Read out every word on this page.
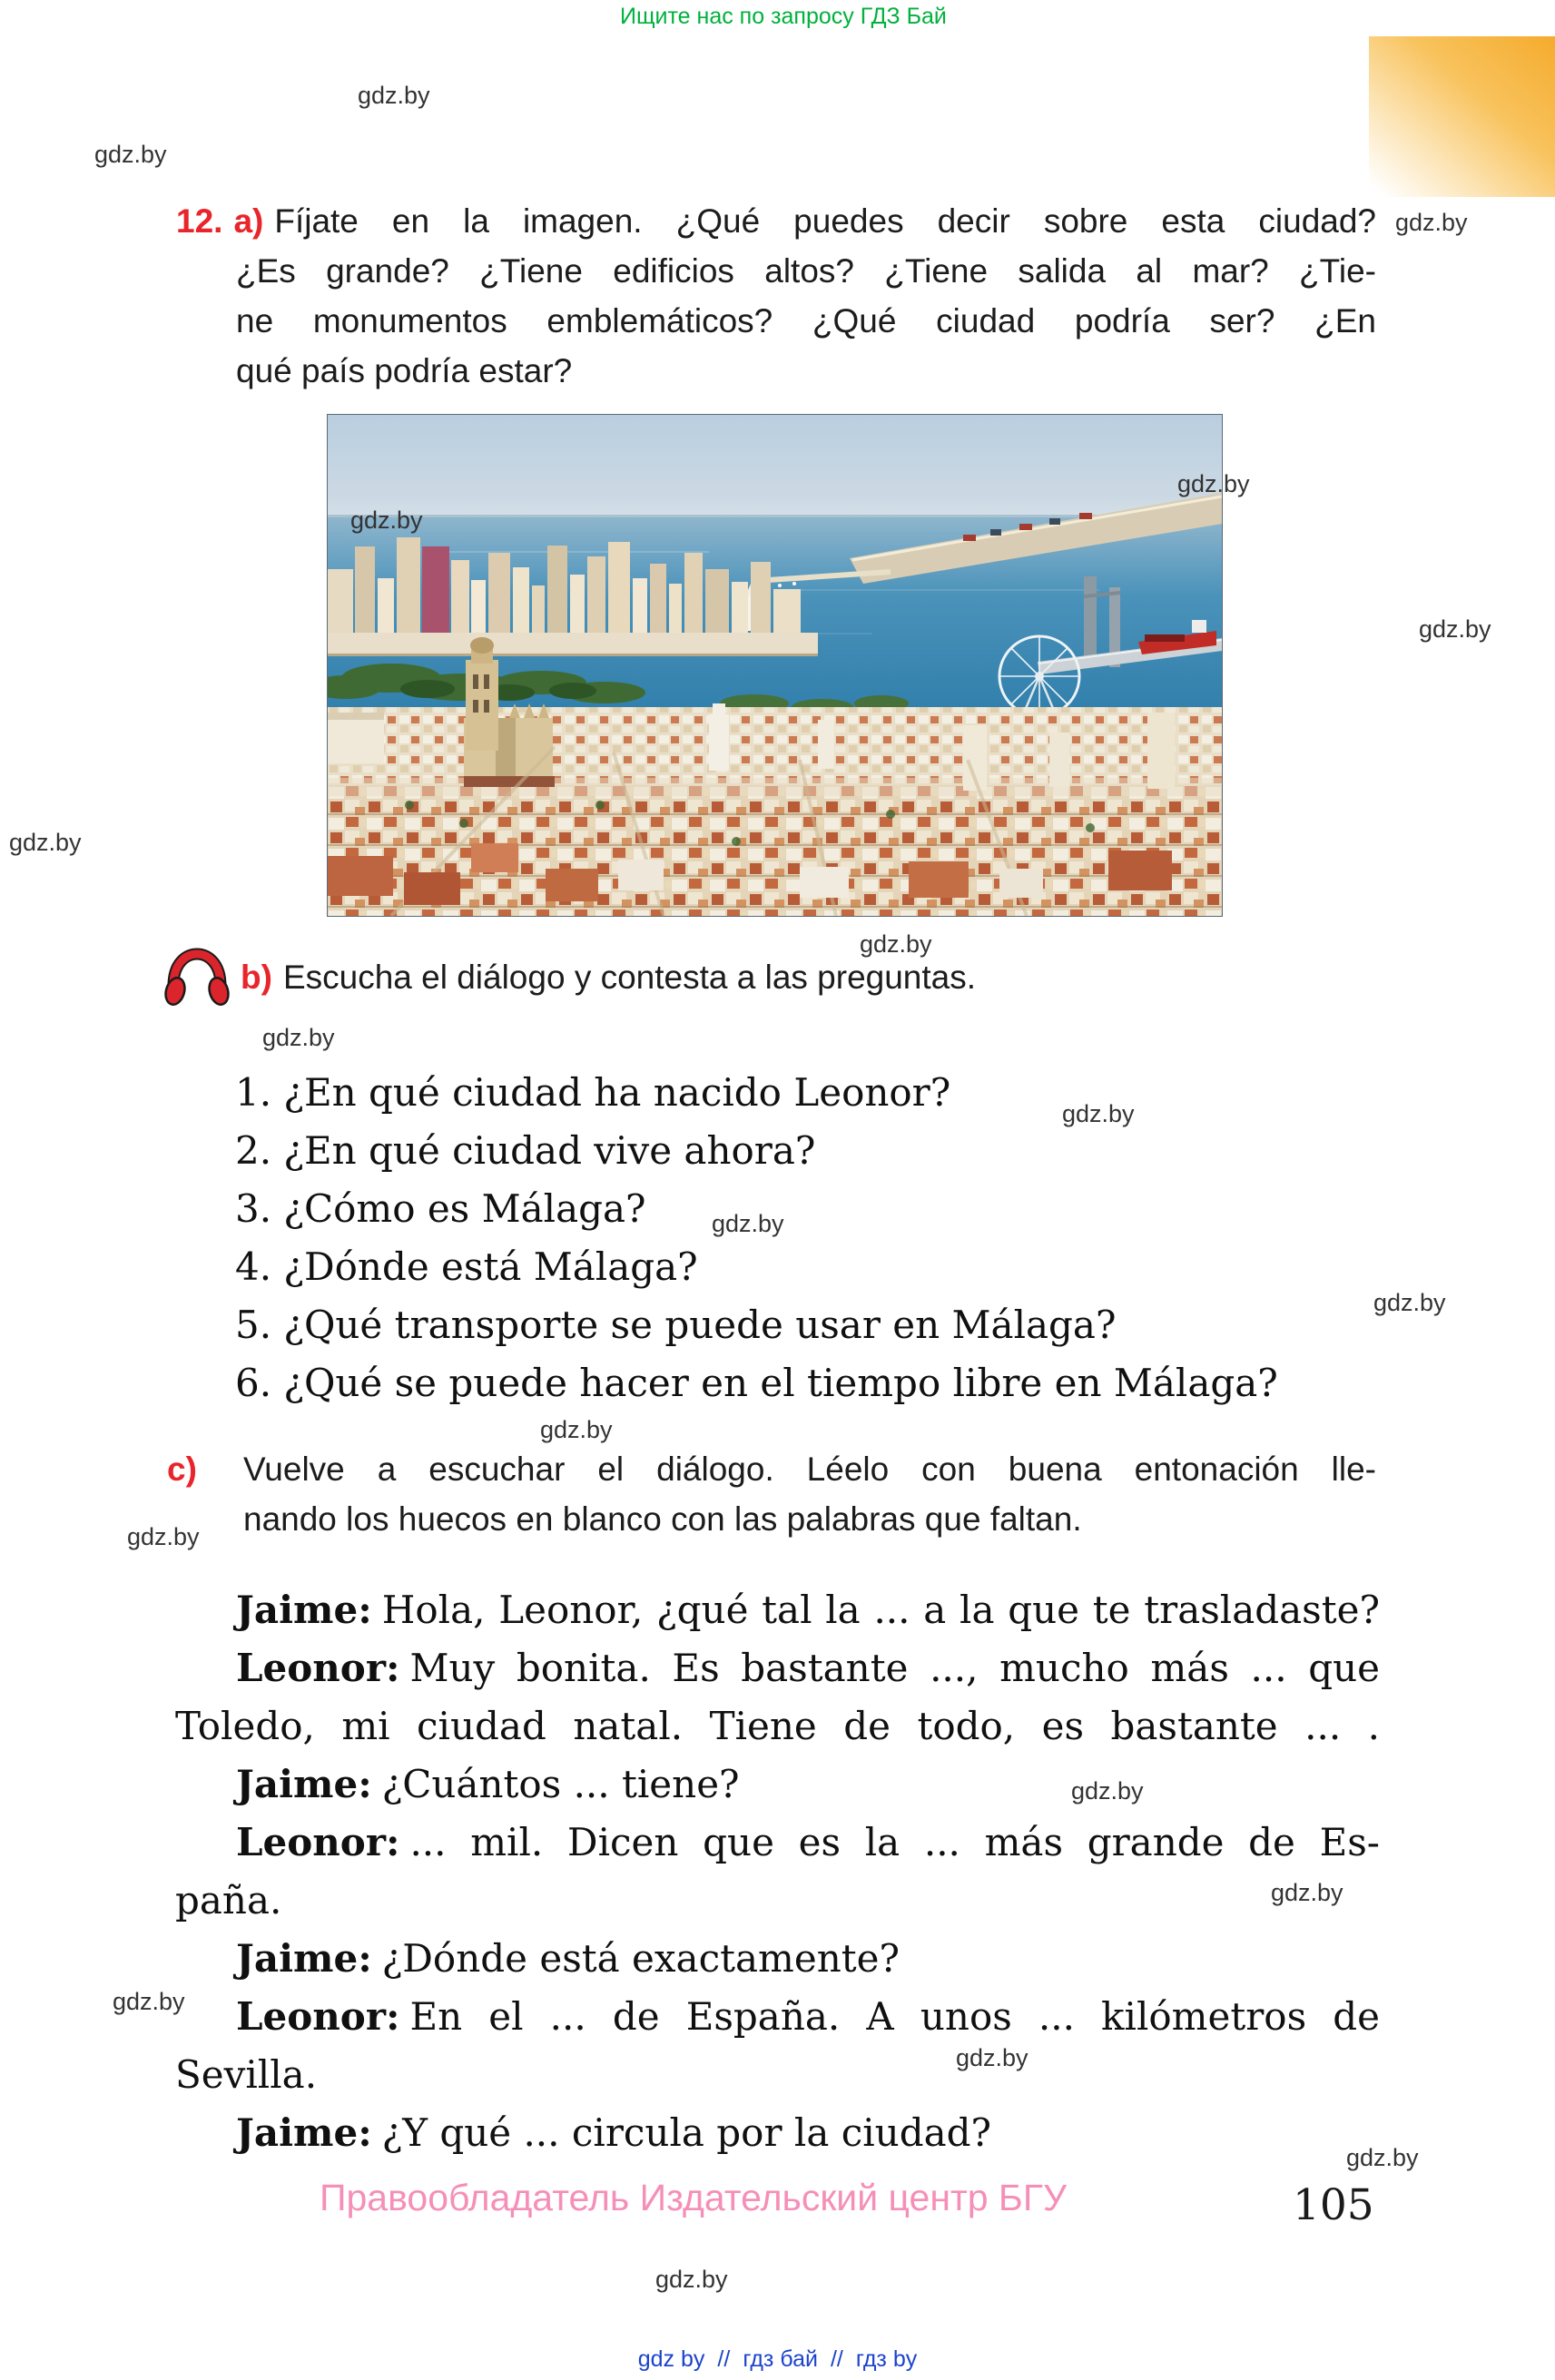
Ищите нас по запросу ГДЗ Бай
gdz.by
gdz.by
gdz.by
gdz.by
gdz.by
gdz.by
gdz.by
gdz.by
gdz.by
gdz.by
gdz.by
gdz.by
gdz.by
gdz.by
gdz.by
gdz.by
gdz.by
gdz.by
gdz.by
gdz.by
12. a) Fíjate en la imagen. ¿Qué puedes decir sobre esta ciudad?
¿Es grande? ¿Tiene edificios altos? ¿Tiene salida al mar? ¿Tie-
ne monumentos emblemáticos? ¿Qué ciudad podría ser? ¿En
qué país podría estar?
b) Escucha el diálogo y contesta a las preguntas.
1. ¿En qué ciudad ha nacido Leonor?
2. ¿En qué ciudad vive ahora?
3. ¿Cómo es Málaga?
4. ¿Dónde está Málaga?
5. ¿Qué transporte se puede usar en Málaga?
6. ¿Qué se puede hacer en el tiempo libre en Málaga?
c) Vuelve a escuchar el diálogo. Léelo con buena entonación lle-
nando los huecos en blanco con las palabras que faltan.
Jaime: Hola, Leonor, ¿qué tal la ... a la que te trasladaste?
Leonor: Muy bonita. Es bastante ..., mucho más ... que
Toledo, mi ciudad natal. Tiene de todo, es bastante ... .
Jaime: ¿Cuántos ... tiene?
Leonor: ... mil. Dicen que es la ... más grande de Es-
paña.
Jaime: ¿Dónde está exactamente?
Leonor: En el ... de España. A unos ... kilómetros de
Sevilla.
Jaime: ¿Y qué ... circula por la ciudad?
Правообладатель Издательский центр БГУ	105
gdz by // гдз бай // гдз by
